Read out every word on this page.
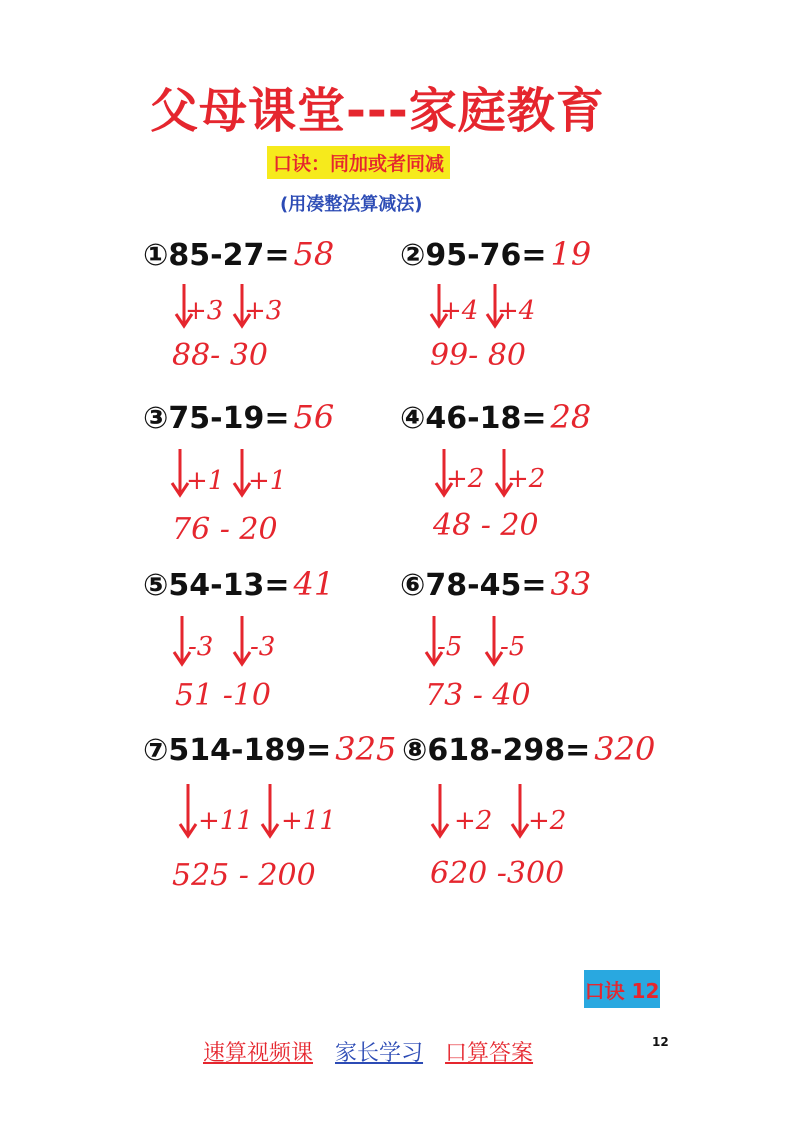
父母课堂---家庭教育
口诀：同加或者同减
(用凑整法算减法)
①85-27= 58
+3 +3
88- 30
②95-76= 19
+4 +4
99- 80
③75-19= 56
+1 +1
76 - 20
④46-18= 28
+2 +2
48 - 20
⑤54-13= 41
-3 -3
51 -10
⑥78-45= 33
-5 -5
73 - 40
⑦514-189= 325
+11 +11
525 - 200
⑧618-298= 320
+2 +2
620 -300
口诀 12
速算视频课 家长学习 口算答案	12
